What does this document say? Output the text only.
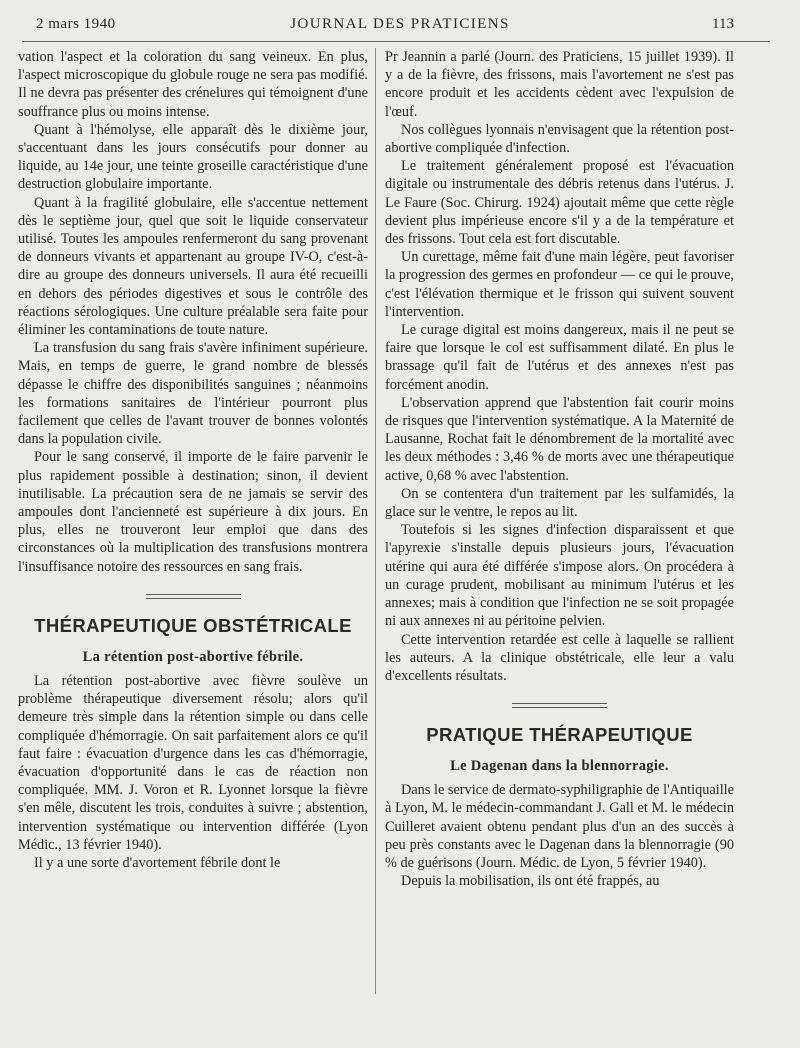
2 mars 1940	JOURNAL DES PRATICIENS	113

vation l'aspect et la coloration du sang veineux. En plus, l'aspect microscopique du globule rouge ne sera pas modifié. Il ne devra pas présenter des crénelures qui témoignent d'une souffrance plus ou moins intense.

Quant à l'hémolyse, elle apparaît dès le dixième jour, s'accentuant dans les jours consécutifs pour donner au liquide, au 14e jour, une teinte groseille caractéristique d'une destruction globulaire importante.

Quant à la fragilité globulaire, elle s'accentue nettement dès le septième jour, quel que soit le liquide conservateur utilisé. Toutes les ampoules renfermeront du sang provenant de donneurs vivants et appartenant au groupe IV-O, c'est-à-dire au groupe des donneurs universels. Il aura été recueilli en dehors des périodes digestives et sous le contrôle des réactions sérologiques. Une culture préalable sera faite pour éliminer les contaminations de toute nature.

La transfusion du sang frais s'avère infiniment supérieure. Mais, en temps de guerre, le grand nombre de blessés dépasse le chiffre des disponibilités sanguines ; néanmoins les formations sanitaires de l'intérieur pourront plus facilement que celles de l'avant trouver de bonnes volontés dans la population civile.

Pour le sang conservé, il importe de le faire parvenir le plus rapidement possible à destination; sinon, il devient inutilisable. La précaution sera de ne jamais se servir des ampoules dont l'ancienneté est supérieure à dix jours. En plus, elles ne trouveront leur emploi que dans des circonstances où la multiplication des transfusions montrera l'insuffisance notoire des ressources en sang frais.

THÉRAPEUTIQUE OBSTÉTRICALE
La rétention post-abortive fébrile.

La rétention post-abortive avec fièvre soulève un problème thérapeutique diversement résolu; alors qu'il demeure très simple dans la rétention simple ou dans celle compliquée d'hémorragie. On sait parfaitement alors ce qu'il faut faire : évacuation d'urgence dans les cas d'hémorragie, évacuation d'opportunité dans le cas de réaction non compliquée. MM. J. Voron et R. Lyonnet lorsque la fièvre s'en mêle, discutent les trois, conduites à suivre ; abstention, intervention systématique ou intervention différée (Lyon Médic., 13 février 1940).

Il y a une sorte d'avortement fébrile dont le

Pr Jeannin a parlé (Journ. des Praticiens, 15 juillet 1939). Il y a de la fièvre, des frissons, mais l'avortement ne s'est pas encore produit et les accidents cèdent avec l'expulsion de l'œuf.

Nos collègues lyonnais n'envisagent que la rétention post-abortive compliquée d'infection.

Le traitement généralement proposé est l'évacuation digitale ou instrumentale des débris retenus dans l'utérus. J. Le Faure (Soc. Chirurg. 1924) ajoutait même que cette règle devient plus impérieuse encore s'il y a de la température et des frissons. Tout cela est fort discutable.

Un curettage, même fait d'une main légère, peut favoriser la progression des germes en profondeur — ce qui le prouve, c'est l'élévation thermique et le frisson qui suivent souvent l'intervention.

Le curage digital est moins dangereux, mais il ne peut se faire que lorsque le col est suffisamment dilaté. En plus le brassage qu'il fait de l'utérus et des annexes n'est pas forcément anodin.

L'observation apprend que l'abstention fait courir moins de risques que l'intervention systématique. A la Maternité de Lausanne, Rochat fait le dénombrement de la mortalité avec les deux méthodes : 3,46 % de morts avec une thérapeutique active, 0,68 % avec l'abstention.

On se contentera d'un traitement par les sulfamidés, la glace sur le ventre, le repos au lit.

Toutefois si les signes d'infection disparaissent et que l'apyrexie s'installe depuis plusieurs jours, l'évacuation utérine qui aura été différée s'impose alors. On procédera à un curage prudent, mobilisant au minimum l'utérus et les annexes; mais à condition que l'infection ne se soit propagée ni aux annexes ni au péritoine pelvien.

Cette intervention retardée est celle à laquelle se rallient les auteurs. A la clinique obstétricale, elle leur a valu d'excellents résultats.

PRATIQUE THÉRAPEUTIQUE
Le Dagenan dans la blennorragie.

Dans le service de dermato-syphiligraphie de l'Antiquaille à Lyon, M. le médecin-commandant J. Gall et M. le médecin Cuilleret avaient obtenu pendant plus d'un an des succès à peu près constants avec le Dagenan dans la blennorragie (90 % de guérisons (Journ. Médic. de Lyon, 5 février 1940).

Depuis la mobilisation, ils ont été frappés, au
